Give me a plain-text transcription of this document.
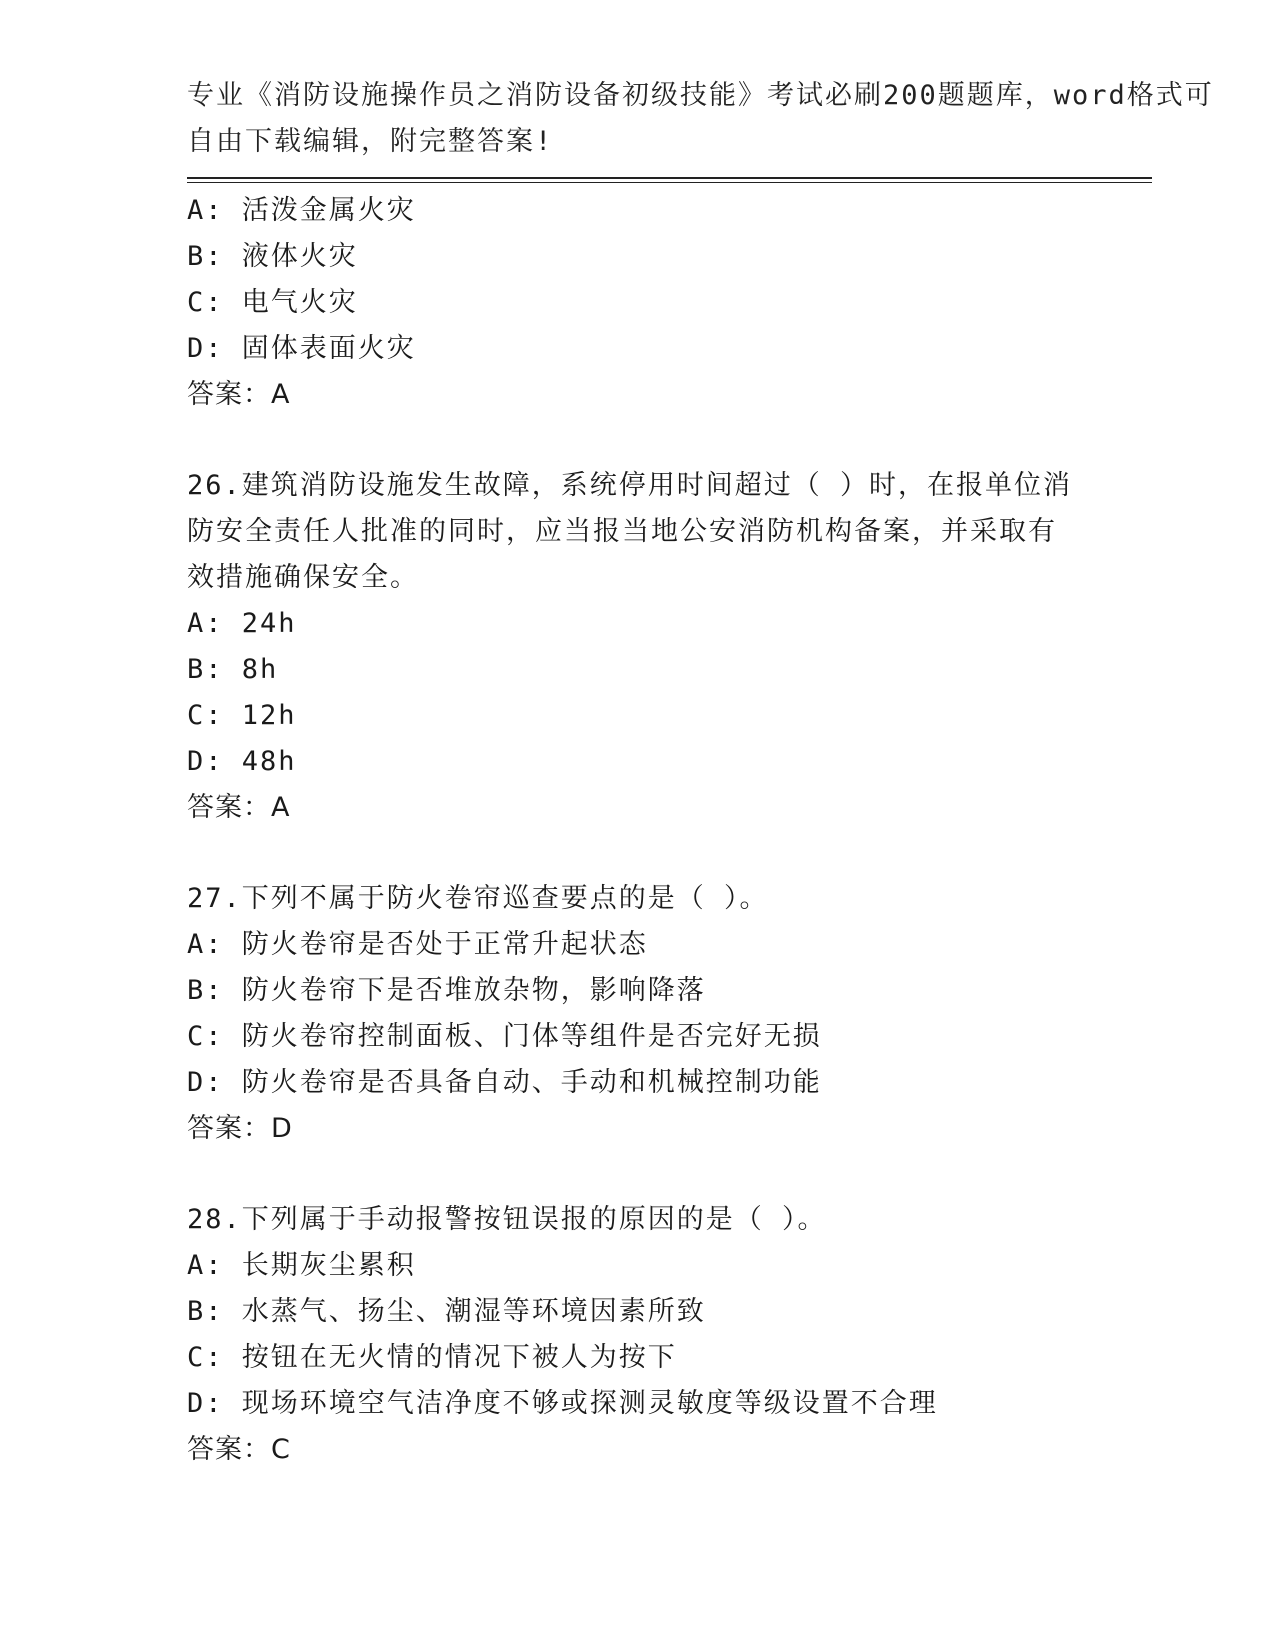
专业《消防设施操作员之消防设备初级技能》考试必刷200题题库，word格式可
自由下载编辑，附完整答案!
A: 活泼金属火灾
B: 液体火灾
C: 电气火灾
D: 固体表面火灾
答案：A
26.建筑消防设施发生故障，系统停用时间超过（ ）时，在报单位消
防安全责任人批准的同时，应当报当地公安消防机构备案，并采取有
效措施确保安全。
A: 24h
B: 8h
C: 12h
D: 48h
答案：A
27.下列不属于防火卷帘巡查要点的是（ ）。
A: 防火卷帘是否处于正常升起状态
B: 防火卷帘下是否堆放杂物，影响降落
C: 防火卷帘控制面板、门体等组件是否完好无损
D: 防火卷帘是否具备自动、手动和机械控制功能
答案：D
28.下列属于手动报警按钮误报的原因的是（ ）。
A: 长期灰尘累积
B: 水蒸气、扬尘、潮湿等环境因素所致
C: 按钮在无火情的情况下被人为按下
D: 现场环境空气洁净度不够或探测灵敏度等级设置不合理
答案：C
